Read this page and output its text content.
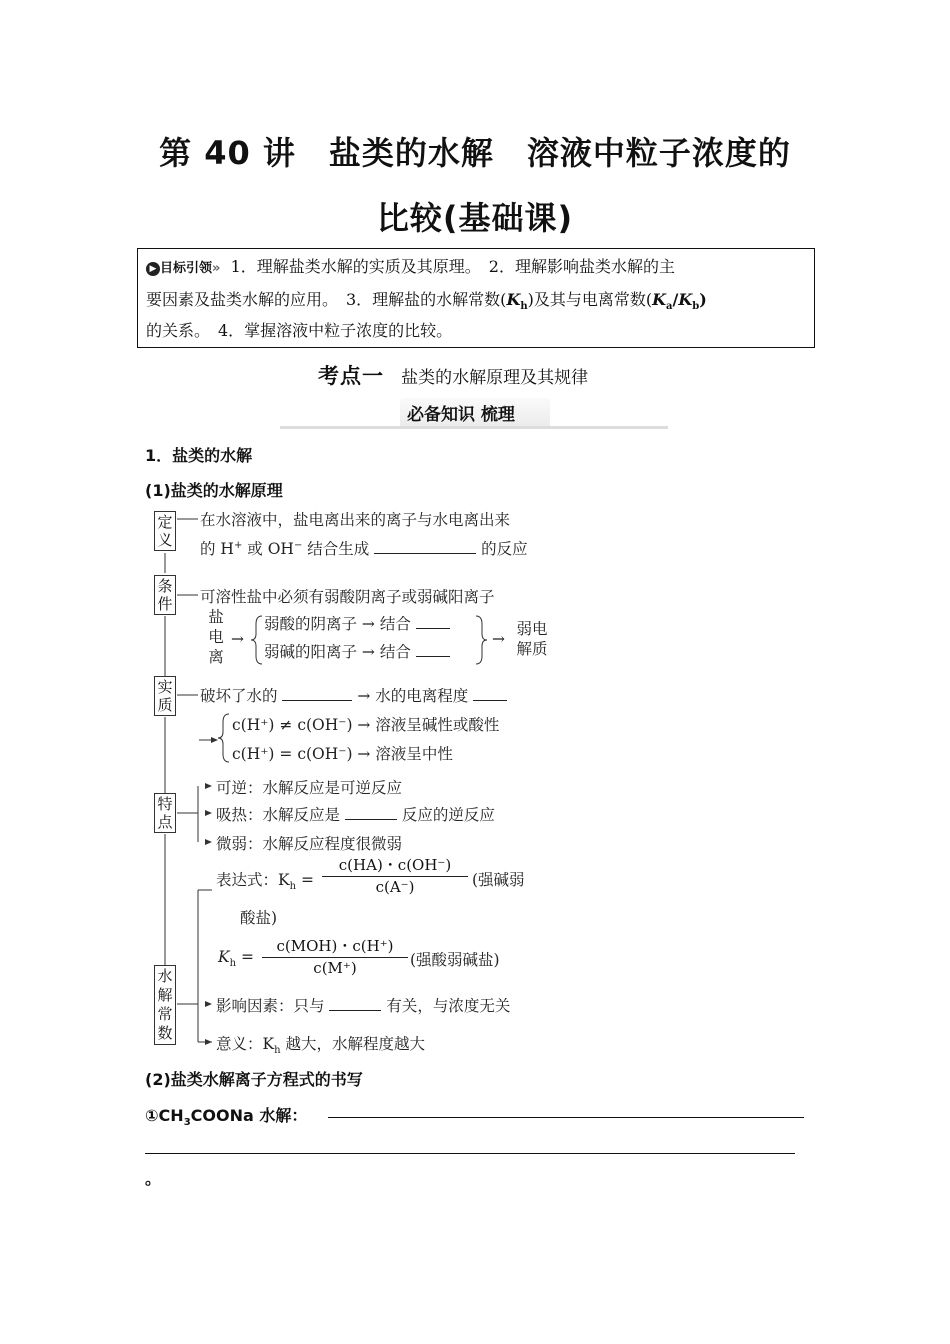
第 40 讲　盐类的水解　溶液中粒子浓度的
比较(基础课)
▶ 目标引领» 1．理解盐类水解的实质及其原理。　2．理解影响盐类水解的主
要因素及盐类水解的应用。　3．理解盐的水解常数$(K_h)$及其与电离常数$(K_a/K_b)$
的关系。　4．掌握溶液中粒子浓度的比较。
考点一 盐类的水解原理及其规律
必备知识 梳理
1．盐类的水解
(1)盐类的水解原理
定义
条件
实质
特点
水解常数
在水溶液中，盐电离出来的离子与水电离出来
的 H+ 或 OH− 结合生成	的反应
可溶性盐中必须有弱酸阴离子或弱碱阳离子
盐电离
→
弱酸的阴离子 → 结合
弱碱的阳离子 → 结合
→
弱电解质
破坏了水的	→ 水的电离程度
c(H⁺) ≠ c(OH⁻) → 溶液呈碱性或酸性
c(H⁺) = c(OH⁻) → 溶液呈中性
可逆：水解反应是可逆反应
吸热：水解反应是	反应的逆反应
微弱：水解反应程度很微弱
表达式：$K_h = \frac{c(HA)・c(OH^-)}{c(A^-)}$ (强碱弱
酸盐)
$K_h$ =
c(MOH)・c(H⁺)
c(M⁺)	(强酸弱碱盐)
影响因素：只与	有关，与浓度无关
意义：$K_h$ 越大，水解程度越大
(2)盐类水解离子方程式的书写
$①CH_3COONa$ 水解：
。
